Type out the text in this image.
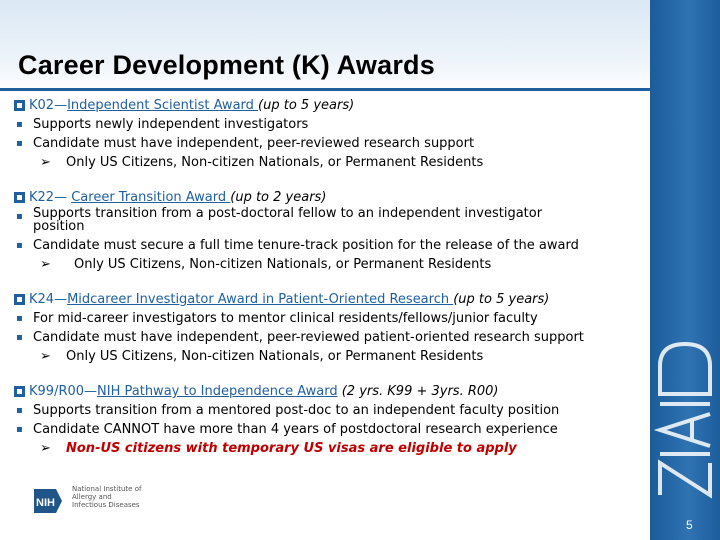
Career Development (K) Awards
5
K02—Independent Scientist Award (up to 5 years)
▪ Supports newly independent investigators
▪ Candidate must have independent, peer-reviewed research support
➢ Only US Citizens, Non-citizen Nationals, or Permanent Residents
K22— Career Transition Award (up to 2 years)
▪ Supports transition from a post-doctoral fellow to an independent investigator position
▪ Candidate must secure a full time tenure-track position for the release of the award
➢ Only US Citizens, Non-citizen Nationals, or Permanent Residents
K24—Midcareer Investigator Award in Patient-Oriented Research (up to 5 years)
▪ For mid-career investigators to mentor clinical residents/fellows/junior faculty
▪ Candidate must have independent, peer-reviewed patient-oriented research support
➢ Only US Citizens, Non-citizen Nationals, or Permanent Residents
K99/R00—NIH Pathway to Independence Award (2 yrs. K99 + 3yrs. R00)
▪ Supports transition from a mentored post-doc to an independent faculty position
▪ Candidate CANNOT have more than 4 years of postdoctoral research experience
➢ Non-US citizens with temporary US visas are eligible to apply
NIH
National Institute of
Allergy and
Infectious Diseases
